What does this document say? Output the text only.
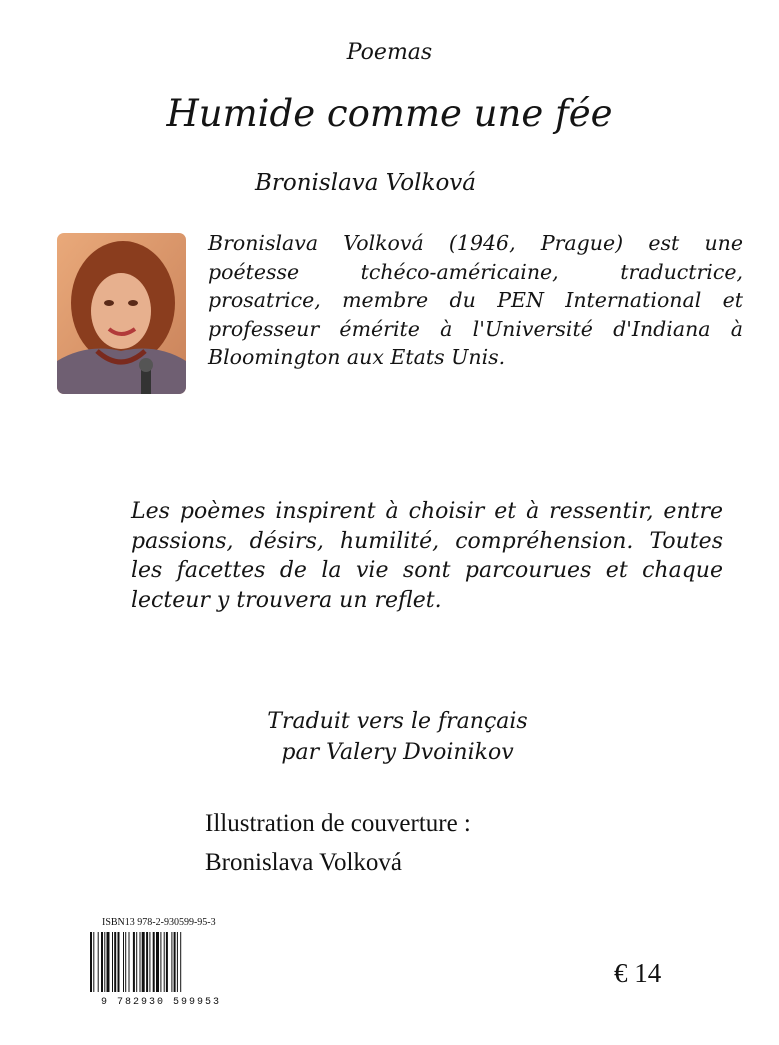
Poemas
Humide comme une fée
Bronislava Volková

Bronislava Volková (1946, Prague) est une poétesse tchéco-américaine, traductrice, prosatrice, membre du PEN International et professeur émérite à l'Université d'Indiana à Bloomington aux Etats Unis.

Les poèmes inspirent à choisir et à ressentir, entre passions, désirs, humilité, compréhension. Toutes les facettes de la vie sont parcourues et chaque lecteur y trouvera un reflet.

Traduit vers le français
par Valery Dvoinikov
Illustration de couverture :
Bronislava Volková
ISBN13 978-2-930599-95-3
9 782930 599953
€ 14
